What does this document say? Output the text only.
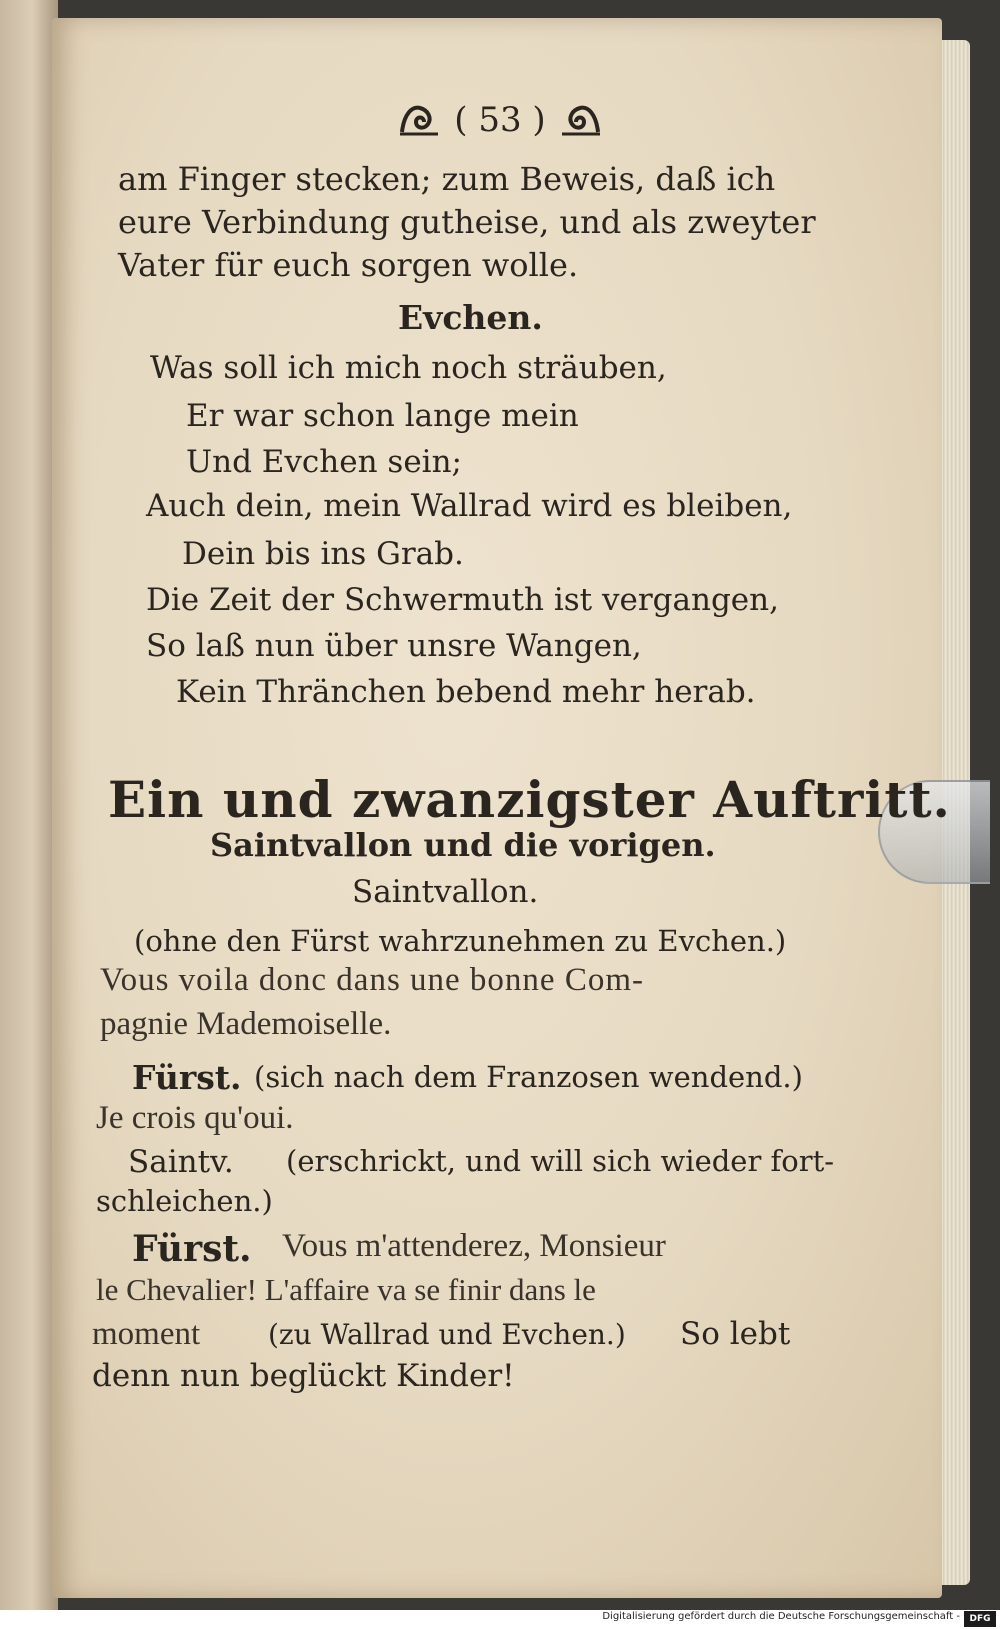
( 53 )
am Finger stecken; zum Beweis, daß ich
eure Verbindung gutheise, und als zweyter
Vater für euch sorgen wolle.
Evchen.
Was soll ich mich noch sträuben,
Er war schon lange mein
Und Evchen sein;
Auch dein, mein Wallrad wird es bleiben,
Dein bis ins Grab.
Die Zeit der Schwermuth ist vergangen,
So laß nun über unsre Wangen,
Kein Thränchen bebend mehr herab.
Ein und zwanzigster Auftritt.
Saintvallon und die vorigen.
Saintvallon.
(ohne den Fürst wahrzunehmen zu Evchen.)
Vous voila donc dans une bonne Com-
pagnie Mademoiselle.
Fürst. (sich nach dem Franzosen wendend.)
Je crois qu'oui.
Saintv. (erschrickt, und will sich wieder fort-
schleichen.)
Fürst. Vous m'attenderez, Monsieur
le Chevalier! L'affaire va se finir dans le
moment (zu Wallrad und Evchen.) So lebt
denn nun beglückt Kinder!
Digitalisierung gefördert durch die Deutsche Forschungsgemeinschaft -	DFG
